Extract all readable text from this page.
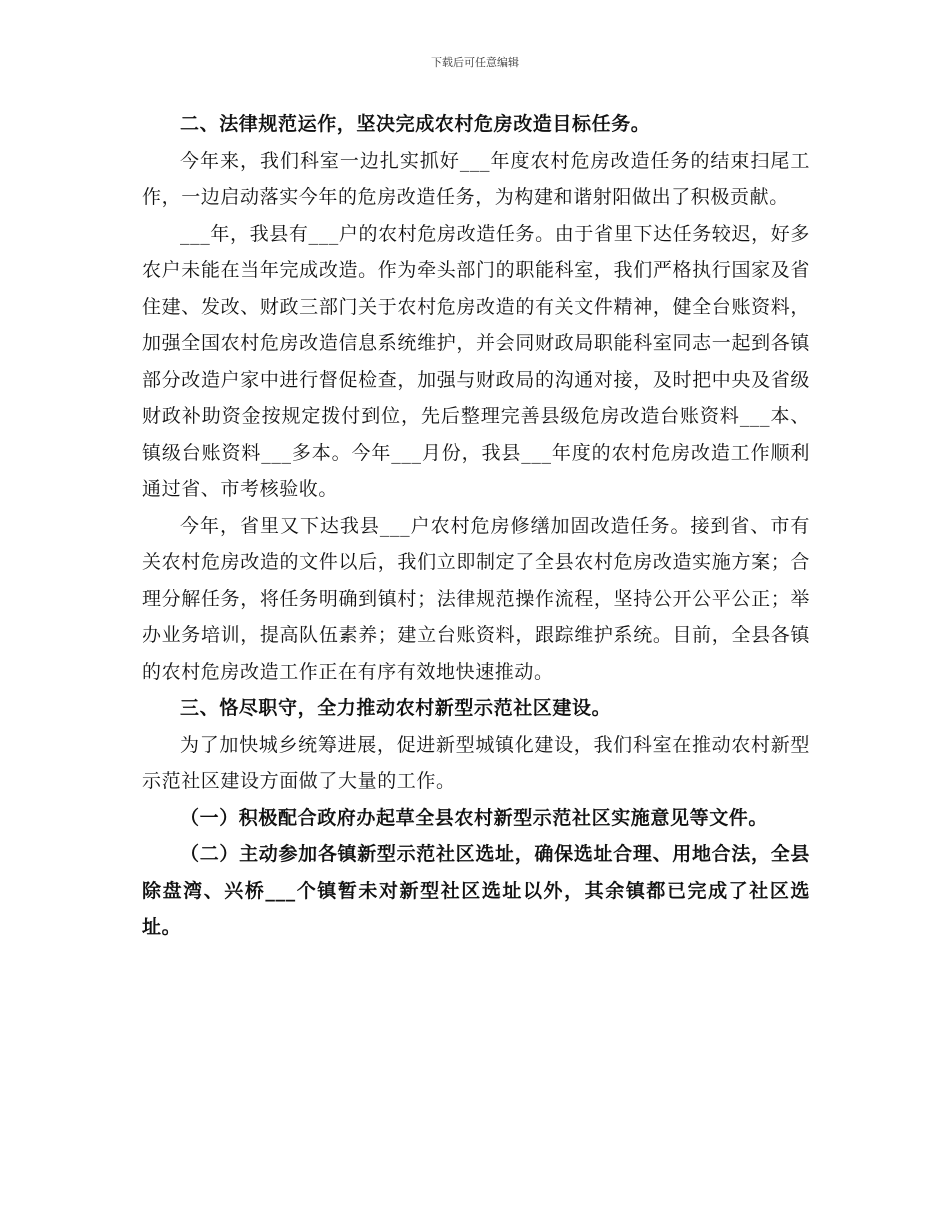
下载后可任意编辑

二、法律规范运作，坚决完成农村危房改造目标任务。

今年来，我们科室一边扎实抓好___年度农村危房改造任务的结束扫尾工作，一边启动落实今年的危房改造任务，为构建和谐射阳做出了积极贡献。

___年，我县有___户的农村危房改造任务。由于省里下达任务较迟，好多农户未能在当年完成改造。作为牵头部门的职能科室，我们严格执行国家及省住建、发改、财政三部门关于农村危房改造的有关文件精神，健全台账资料，加强全国农村危房改造信息系统维护，并会同财政局职能科室同志一起到各镇部分改造户家中进行督促检查，加强与财政局的沟通对接，及时把中央及省级财政补助资金按规定拨付到位，先后整理完善县级危房改造台账资料___本、镇级台账资料___多本。今年___月份，我县___年度的农村危房改造工作顺利通过省、市考核验收。

今年，省里又下达我县___户农村危房修缮加固改造任务。接到省、市有关农村危房改造的文件以后，我们立即制定了全县农村危房改造实施方案；合理分解任务，将任务明确到镇村；法律规范操作流程，坚持公开公平公正；举办业务培训，提高队伍素养；建立台账资料，跟踪维护系统。目前，全县各镇的农村危房改造工作正在有序有效地快速推动。

三、恪尽职守，全力推动农村新型示范社区建设。

为了加快城乡统筹进展，促进新型城镇化建设，我们科室在推动农村新型示范社区建设方面做了大量的工作。

（一）积极配合政府办起草全县农村新型示范社区实施意见等文件。

（二）主动参加各镇新型示范社区选址，确保选址合理、用地合法，全县除盘湾、兴桥___个镇暂未对新型社区选址以外，其余镇都已完成了社区选址。
